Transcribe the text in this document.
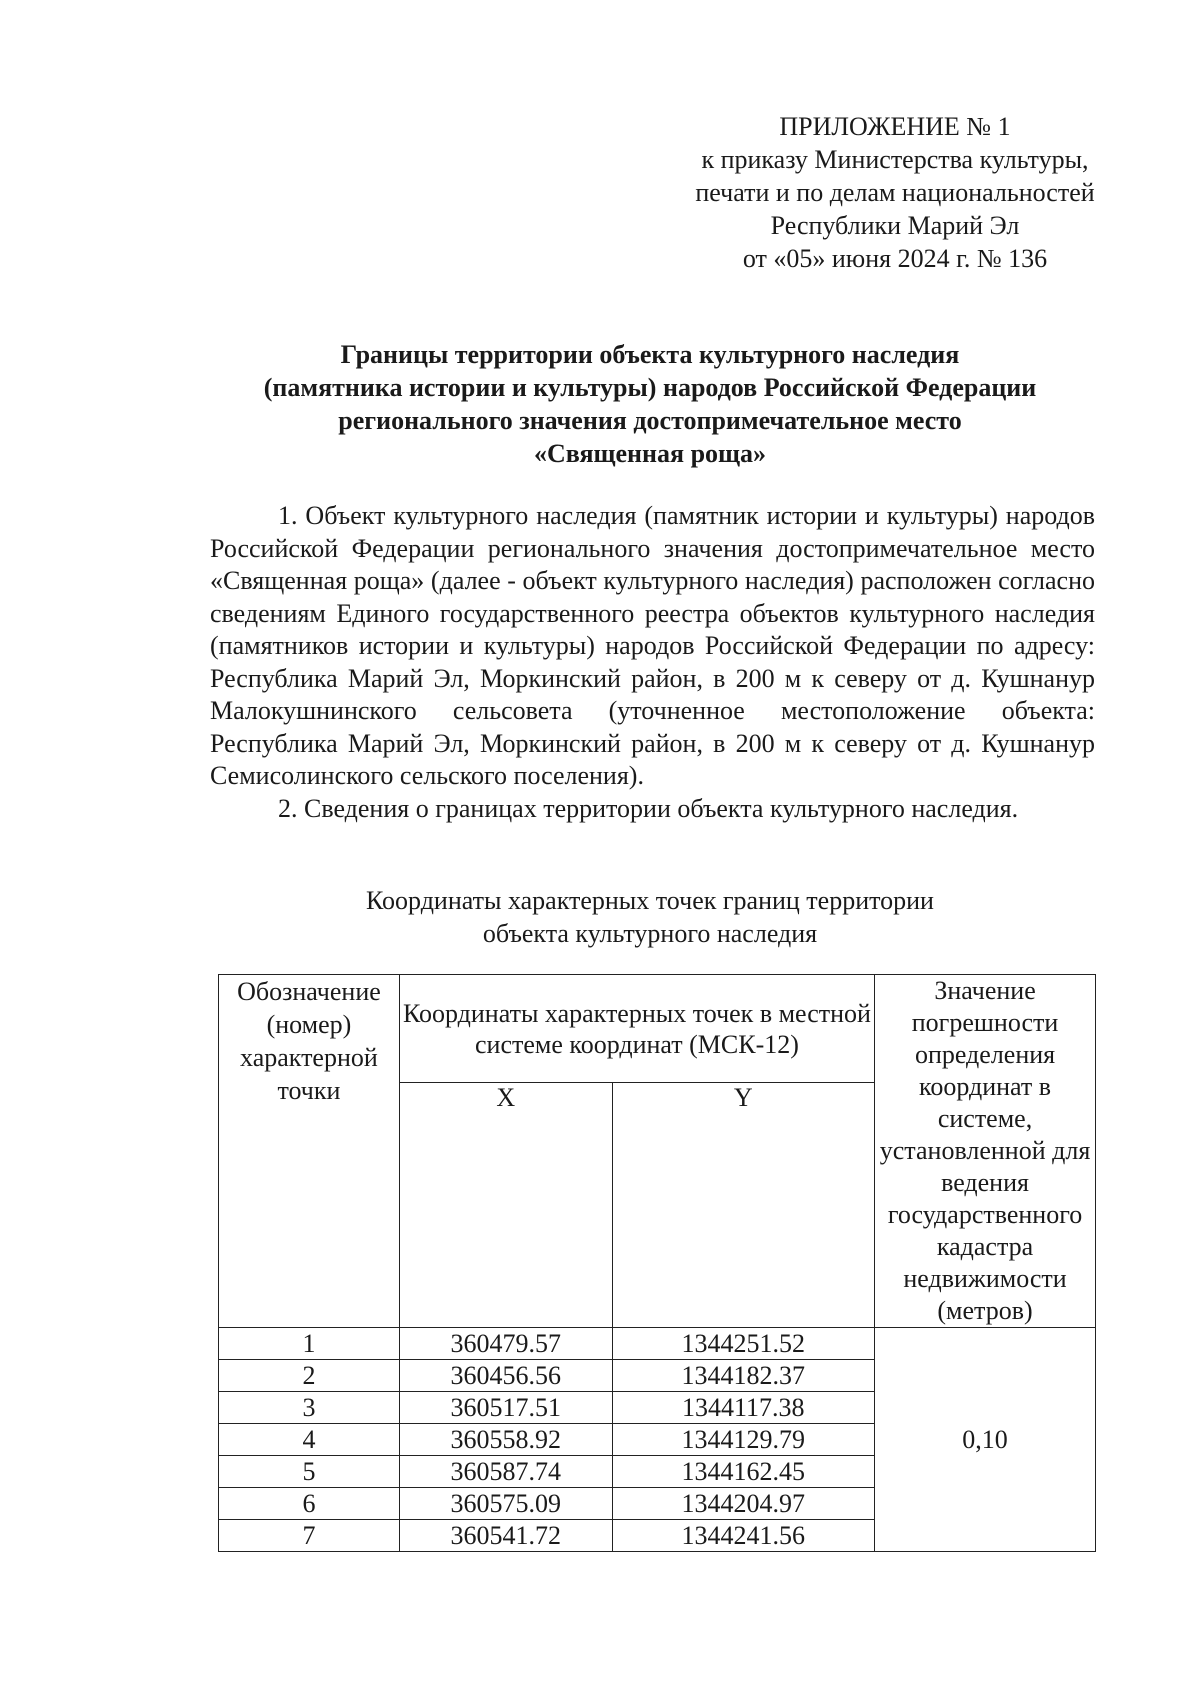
ПРИЛОЖЕНИЕ № 1
к приказу Министерства культуры,
печати и по делам национальностей
Республики Марий Эл
от «05» июня 2024 г. № 136
Границы территории объекта культурного наследия
(памятника истории и культуры) народов Российской Федерации
регионального значения достопримечательное место
«Священная роща»

1. Объект культурного наследия (памятник истории и культуры) народов Российской Федерации регионального значения достопримечательное место «Священная роща» (далее - объект культурного наследия) расположен согласно сведениям Единого государственного реестра объектов культурного наследия (памятников истории и культуры) народов Российской Федерации по адресу: Республика Марий Эл, Моркинский район, в 200 м к северу от д. Кушнанур Малокушнинского сельсовета (уточненное местоположение объекта: Республика Марий Эл, Моркинский район, в 200 м к северу от д. Кушнанур Семисолинского сельского поселения).

2. Сведения о границах территории объекта культурного наследия.

Координаты характерных точек границ территории
объекта культурного наследия
Обозначение (номер) характерной точки	Координаты характерных точек в местной системе координат (МСК-12)		Значение погрешности определения координат в системе, установленной для ведения государственного кадастра недвижимости (метров)
	X	Y	
1	360479.57	1344251.52	0,10
2	360456.56	1344182.37	
3	360517.51	1344117.38	
4	360558.92	1344129.79	
5	360587.74	1344162.45	
6	360575.09	1344204.97	
7	360541.72	1344241.56	
